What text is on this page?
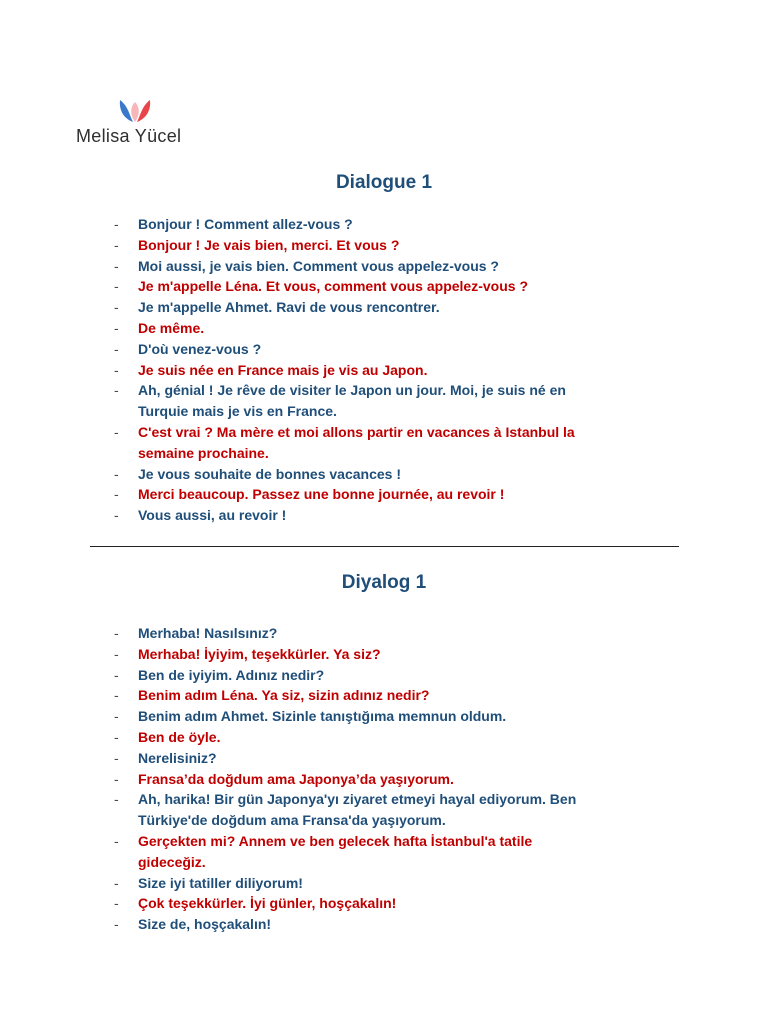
Melisa Yücel
Dialogue 1
- Bonjour ! Comment allez-vous ?
- Bonjour ! Je vais bien, merci. Et vous ?
- Moi aussi, je vais bien. Comment vous appelez-vous ?
- Je m'appelle Léna. Et vous, comment vous appelez-vous ?
- Je m'appelle Ahmet. Ravi de vous rencontrer.
- De même.
- D'où venez-vous ?
- Je suis née en France mais je vis au Japon.
- Ah, génial ! Je rêve de visiter le Japon un jour. Moi, je suis né en Turquie mais je vis en France.
- C'est vrai ? Ma mère et moi allons partir en vacances à Istanbul la semaine prochaine.
- Je vous souhaite de bonnes vacances !
- Merci beaucoup. Passez une bonne journée, au revoir !
- Vous aussi, au revoir !
Diyalog 1
- Merhaba! Nasılsınız?
- Merhaba! İyiyim, teşekkürler. Ya siz?
- Ben de iyiyim. Adınız nedir?
- Benim adım Léna. Ya siz, sizin adınız nedir?
- Benim adım Ahmet. Sizinle tanıştığıma memnun oldum.
- Ben de öyle.
- Nerelisiniz?
- Fransa’da doğdum ama Japonya’da yaşıyorum.
- Ah, harika! Bir gün Japonya'yı ziyaret etmeyi hayal ediyorum. Ben Türkiye'de doğdum ama Fransa'da yaşıyorum.
- Gerçekten mi? Annem ve ben gelecek hafta İstanbul'a tatile gideceğiz.
- Size iyi tatiller diliyorum!
- Çok teşekkürler. İyi günler, hoşçakalın!
- Size de, hoşçakalın!
